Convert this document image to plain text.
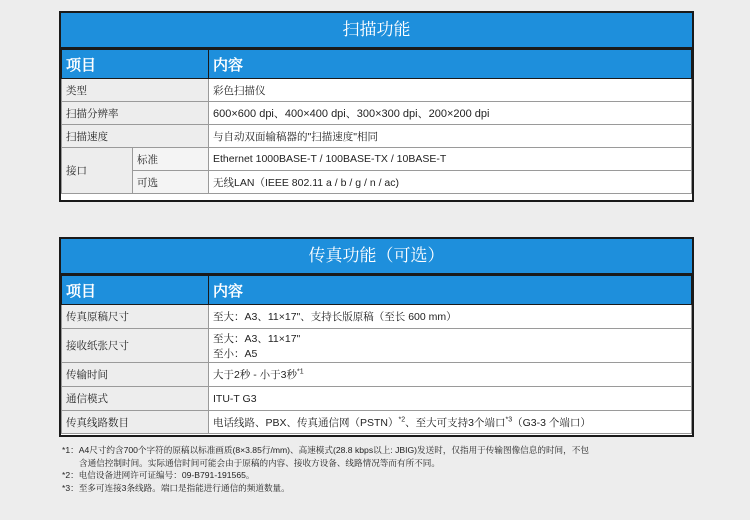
扫描功能
项目		内容
类型		彩色扫描仪
扫描分辨率		600×600 dpi、400×400 dpi、300×300 dpi、200×200 dpi
扫描速度		与自动双面输稿器的"扫描速度"相同
接口	标准	Ethernet 1000BASE-T / 100BASE-TX / 10BASE-T
	可选	无线LAN（IEEE 802.11 a / b / g / n / ac)
传真功能（可选）
项目	内容
传真原稿尺寸	至大：A3、11×17"、支持长版原稿（至长 600 mm）
接收纸张尺寸	至大：A3、11×17"
至小：A5

传输时间	大于2秒 - 小于3秒$^{*1}$
通信模式	ITU-T G3
传真线路数目	电话线路、PBX、传真通信网（PSTN）$^{*2}$、至大可支持3个端口$^{*3}$（G3-3 个端口）

*1：A4尺寸约含700个字符的原稿以标准画质(8×3.85行/mm)、高速模式(28.8 kbps以上: JBIG)发送时，仅指用于传输图像信息的时间，不包

含通信控制时间。实际通信时间可能会由于原稿的内容、接收方设备、线路情况等而有所不同。

*2：电信设备进网许可证编号：09-B791-191565。

*3：至多可连接3条线路。端口是指能进行通信的频道数量。
